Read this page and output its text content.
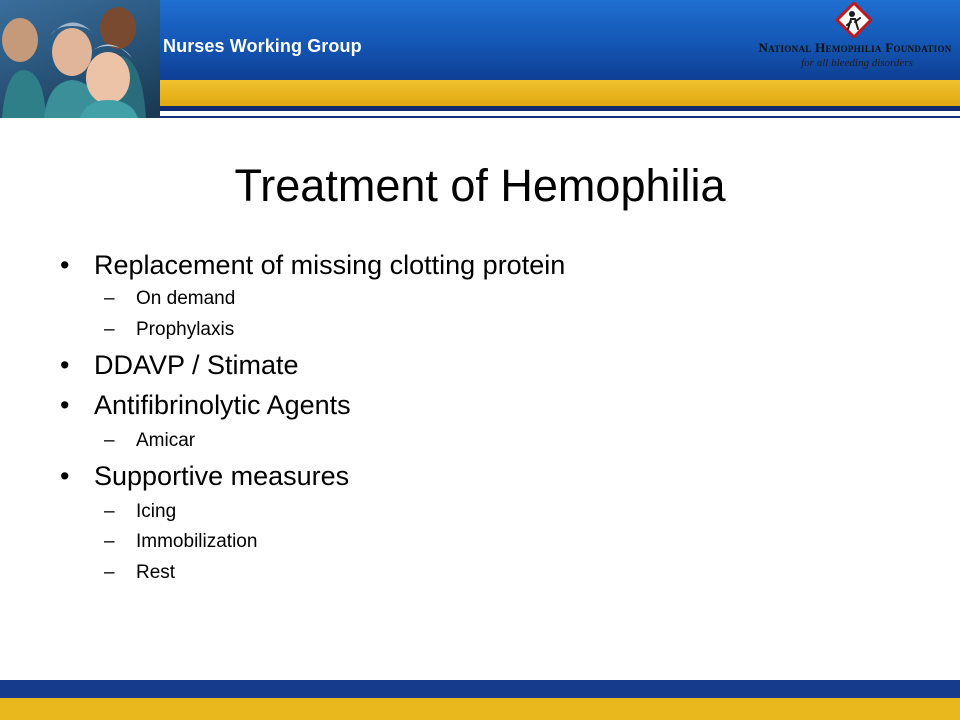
Nurses Working Group	National Hemophilia Foundation
for all bleeding disorders
Treatment of Hemophilia
• Replacement of missing clotting protein
– On demand
– Prophylaxis
• DDAVP / Stimate
• Antifibrinolytic Agents
– Amicar
• Supportive measures
– Icing
– Immobilization
– Rest
